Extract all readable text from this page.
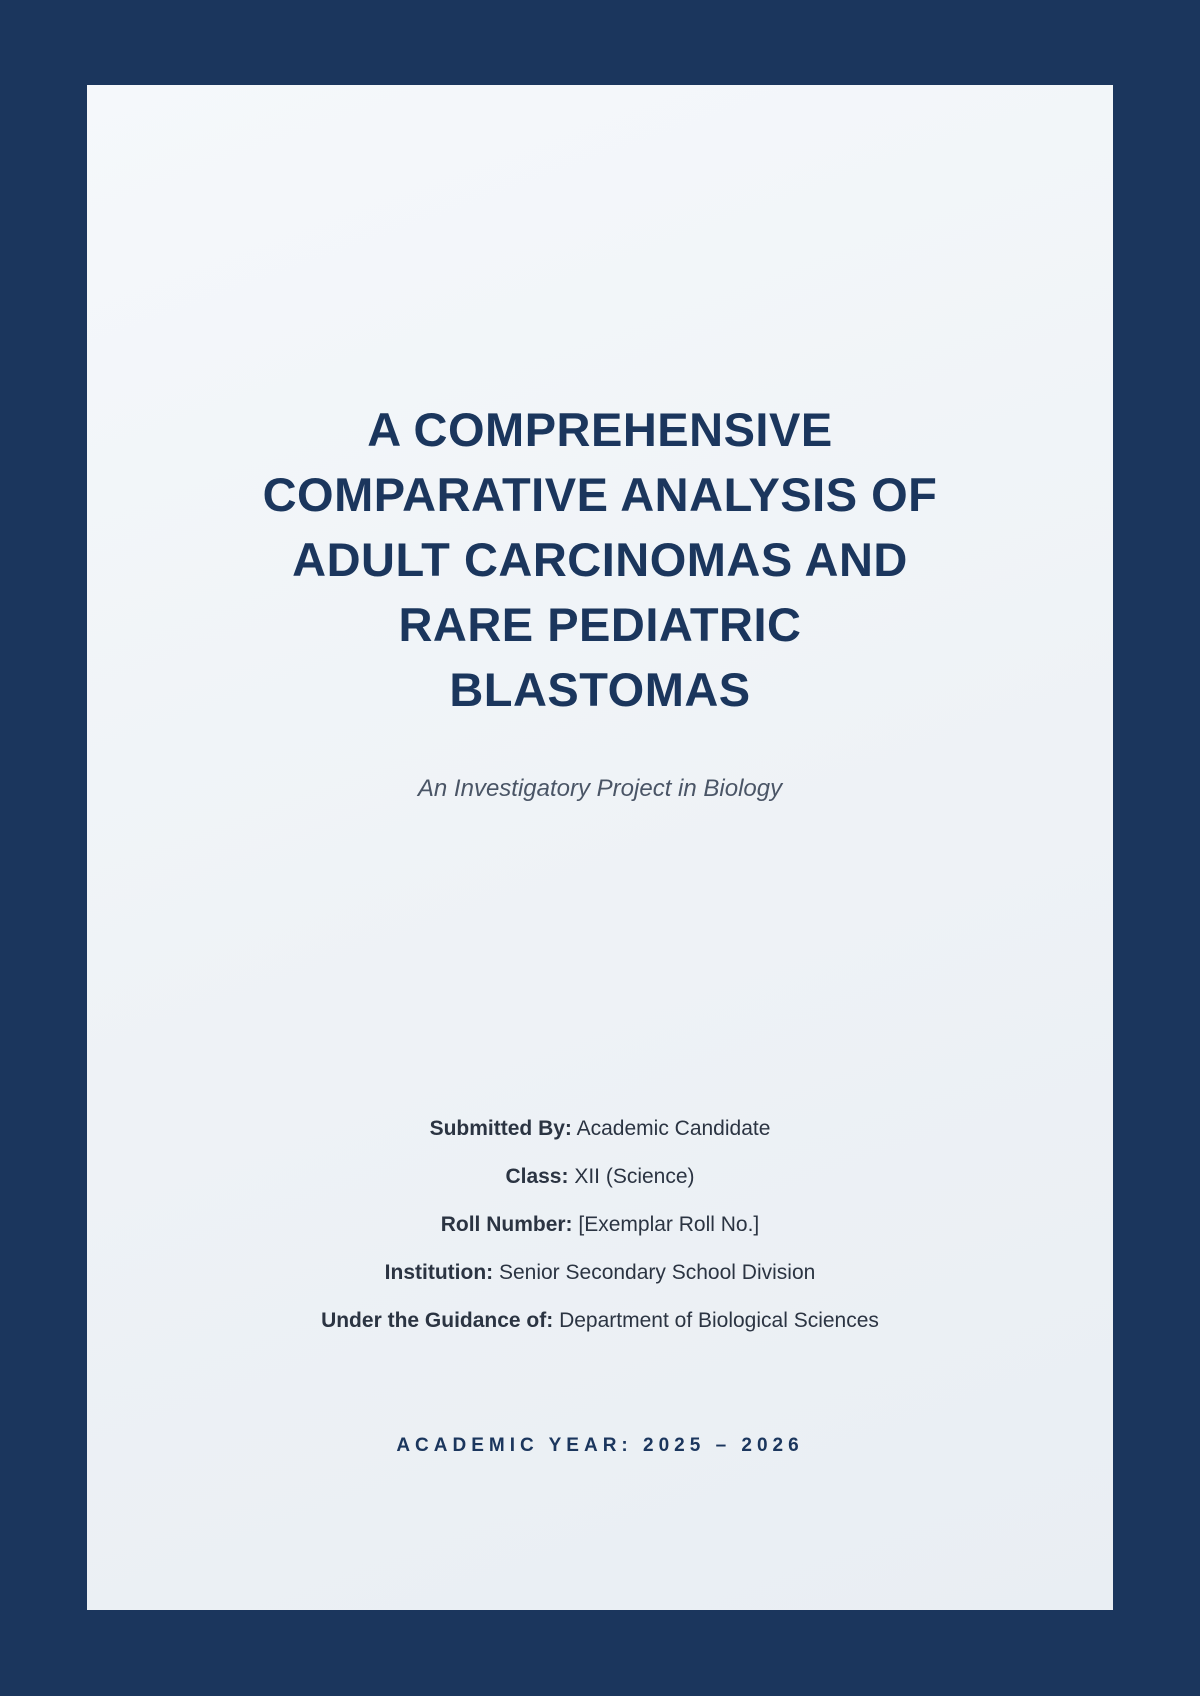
A COMPREHENSIVE
COMPARATIVE ANALYSIS OF
ADULT CARCINOMAS AND
RARE PEDIATRIC
BLASTOMAS
An Investigatory Project in Biology
Submitted By: Academic Candidate
Class: XII (Science)
Roll Number: [Exemplar Roll No.]
Institution: Senior Secondary School Division
Under the Guidance of: Department of Biological Sciences
ACADEMIC YEAR: 2025 – 2026
